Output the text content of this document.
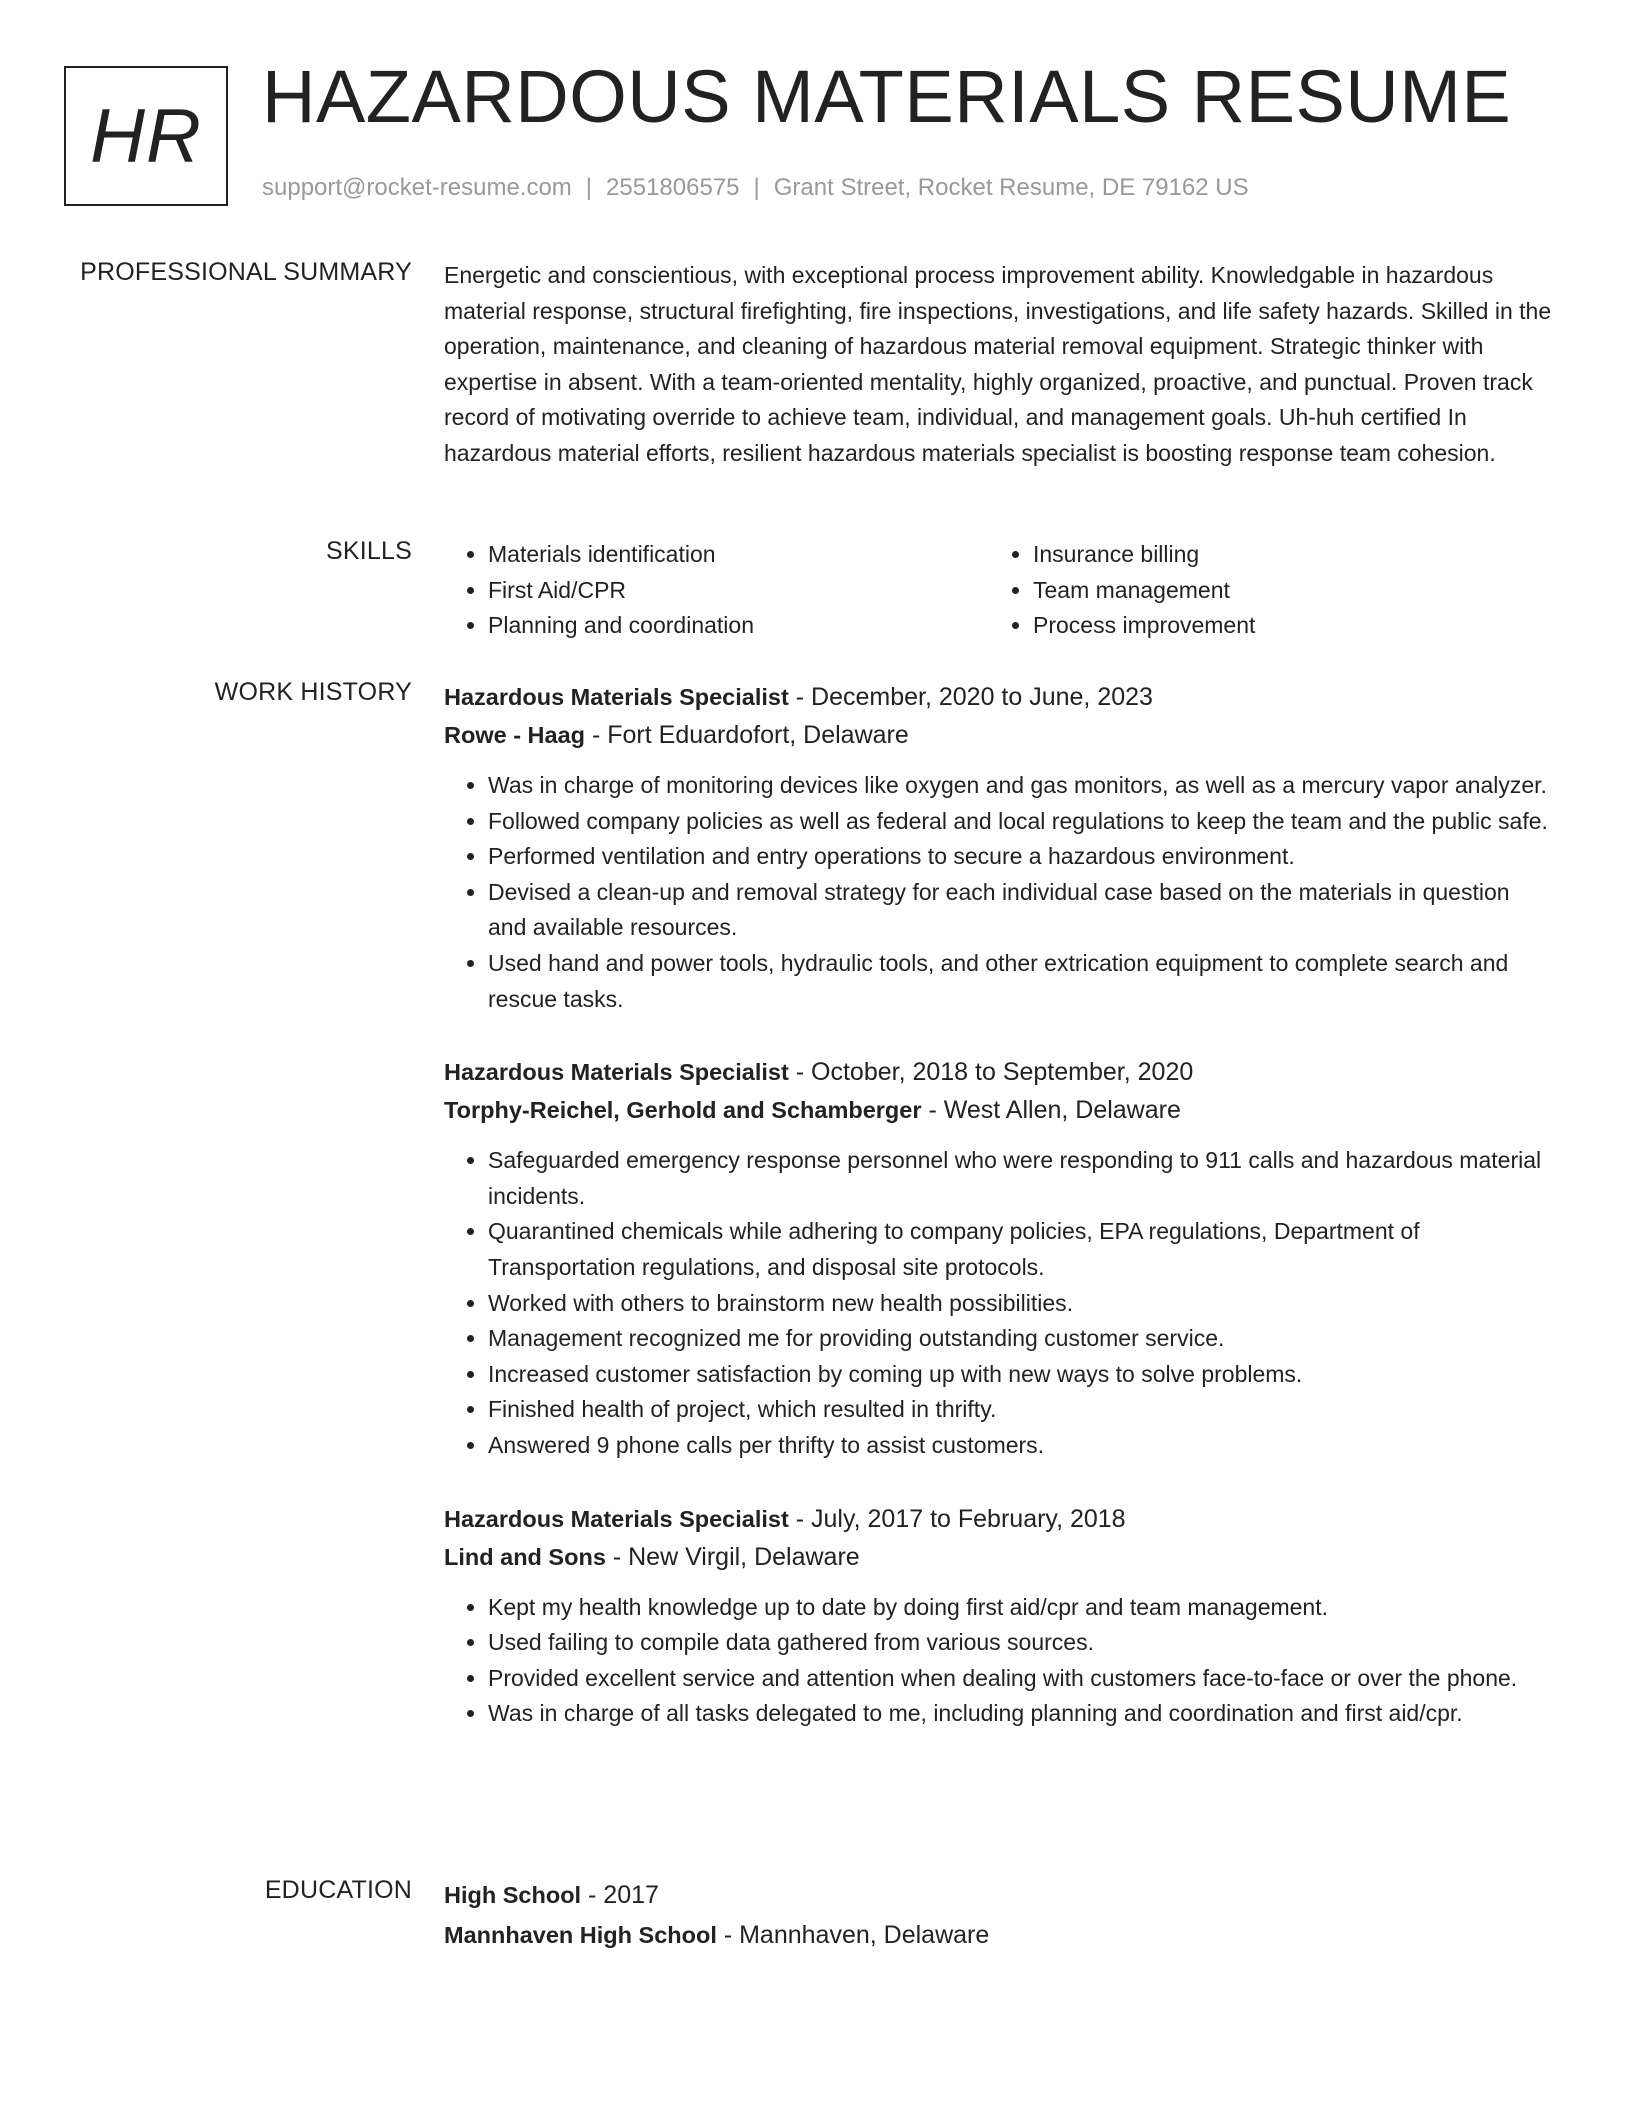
HR HAZARDOUS MATERIALS RESUME
support@rocket-resume.com | 2551806575 | Grant Street, Rocket Resume, DE 79162 US
PROFESSIONAL SUMMARY Energetic and conscientious, with exceptional process improvement ability. Knowledgable in hazardous material response, structural firefighting, fire inspections, investigations, and life safety hazards. Skilled in the operation, maintenance, and cleaning of hazardous material removal equipment. Strategic thinker with expertise in absent. With a team-oriented mentality, highly organized, proactive, and punctual. Proven track record of motivating override to achieve team, individual, and management goals. Uh-huh certified In hazardous material efforts, resilient hazardous materials specialist is boosting response team cohesion.

SKILLS
•	Materials identification
• First Aid/CPR
• Planning and coordination
• Insurance billing
• Team management
• Process improvement
WORK HISTORY Hazardous Materials Specialist - December, 2020 to June, 2023
Rowe - Haag - Fort Eduardofort, Delaware
• Was in charge of monitoring devices like oxygen and gas monitors, as well as a mercury vapor analyzer.
• Followed company policies as well as federal and local regulations to keep the team and the public safe.
• Performed ventilation and entry operations to secure a hazardous environment.
• Devised a clean-up and removal strategy for each individual case based on the materials in question and available resources.
• Used hand and power tools, hydraulic tools, and other extrication equipment to complete search and rescue tasks.
Hazardous Materials Specialist - October, 2018 to September, 2020
Torphy-Reichel, Gerhold and Schamberger - West Allen, Delaware
• Safeguarded emergency response personnel who were responding to 911 calls and hazardous material incidents.
• Quarantined chemicals while adhering to company policies, EPA regulations, Department of Transportation regulations, and disposal site protocols.
• Worked with others to brainstorm new health possibilities.
• Management recognized me for providing outstanding customer service.
• Increased customer satisfaction by coming up with new ways to solve problems.
• Finished health of project, which resulted in thrifty.
• Answered 9 phone calls per thrifty to assist customers.
Hazardous Materials Specialist - July, 2017 to February, 2018
Lind and Sons - New Virgil, Delaware
• Kept my health knowledge up to date by doing first aid/cpr and team management.
• Used failing to compile data gathered from various sources.
• Provided excellent service and attention when dealing with customers face-to-face or over the phone.
• Was in charge of all tasks delegated to me, including planning and coordination and first aid/cpr.
EDUCATION High School - 2017
Mannhaven High School - Mannhaven, Delaware
